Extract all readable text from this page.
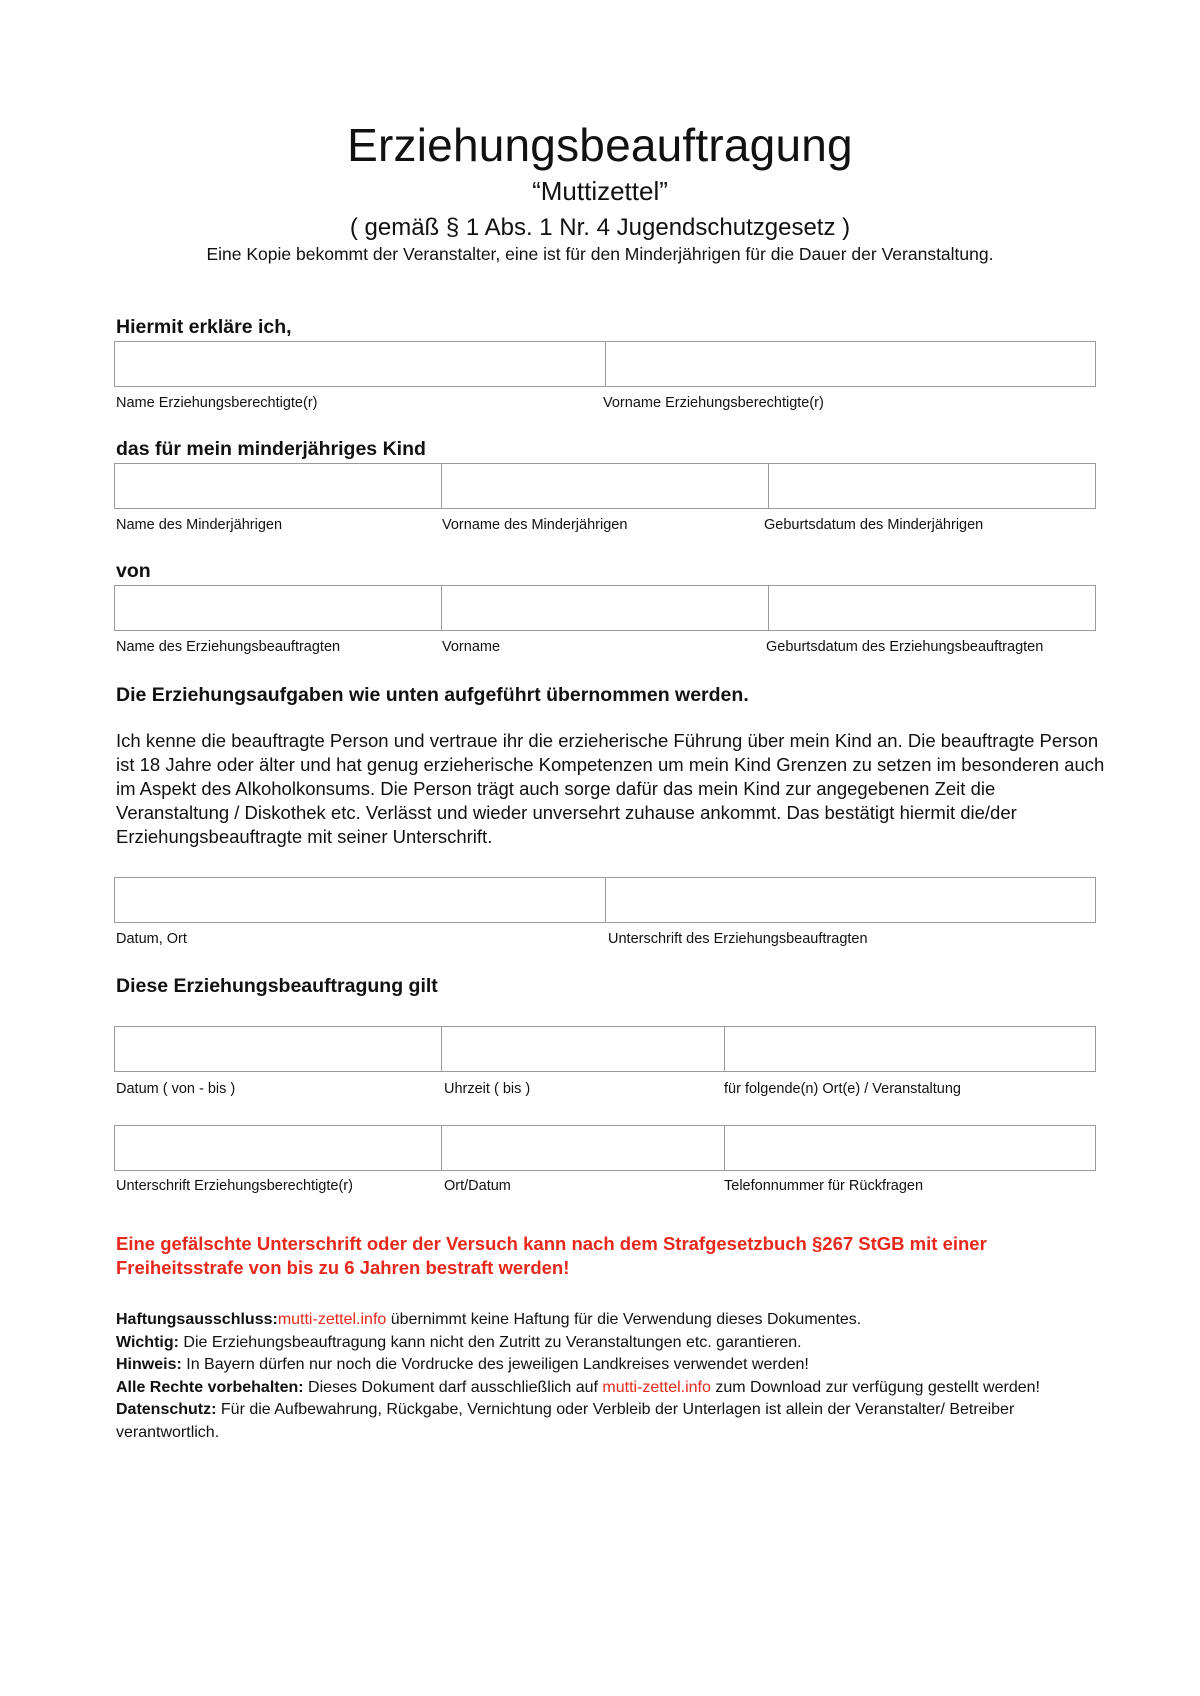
Erziehungsbeauftragung
“Muttizettel”
( gemäß § 1 Abs. 1 Nr. 4 Jugendschutzgesetz )
Eine Kopie bekommt der Veranstalter, eine ist für den Minderjährigen für die Dauer der Veranstaltung.
Hiermit erkläre ich,
Name Erziehungsberechtigte(r)	Vorname Erziehungsberechtigte(r)
das für mein minderjähriges Kind
Name des Minderjährigen	Vorname des Minderjährigen	Geburtsdatum des Minderjährigen
von
Name des Erziehungsbeauftragten	Vorname	Geburtsdatum des Erziehungsbeauftragten
Die Erziehungsaufgaben wie unten aufgeführt übernommen werden.
Ich kenne die beauftragte Person und vertraue ihr die erzieherische Führung über mein Kind an. Die beauftragte Person ist 18 Jahre oder älter und hat genug erzieherische Kompetenzen um mein Kind Grenzen zu setzen im besonderen auch im Aspekt des Alkoholkonsums. Die Person trägt auch sorge dafür das mein Kind zur angegebenen Zeit die Veranstaltung / Diskothek etc. Verlässt und wieder unversehrt zuhause ankommt. Das bestätigt hiermit die/der Erziehungsbeauftragte mit seiner Unterschrift.
Datum, Ort	Unterschrift des Erziehungsbeauftragten
Diese Erziehungsbeauftragung gilt
Datum ( von - bis )	Uhrzeit ( bis )	für folgende(n) Ort(e) / Veranstaltung
Unterschrift Erziehungsberechtigte(r)	Ort/Datum	Telefonnummer für Rückfragen
Eine gefälschte Unterschrift oder der Versuch kann nach dem Strafgesetzbuch §267 StGB mit einer Freiheitsstrafe von bis zu 6 Jahren bestraft werden!
Haftungsausschluss:mutti-zettel.info übernimmt keine Haftung für die Verwendung dieses Dokumentes.
Wichtig: Die Erziehungsbeauftragung kann nicht den Zutritt zu Veranstaltungen etc. garantieren.
Hinweis: In Bayern dürfen nur noch die Vordrucke des jeweiligen Landkreises verwendet werden!
Alle Rechte vorbehalten: Dieses Dokument darf ausschließlich auf mutti-zettel.info zum Download zur verfügung gestellt werden!
Datenschutz: Für die Aufbewahrung, Rückgabe, Vernichtung oder Verbleib der Unterlagen ist allein der Veranstalter/ Betreiber verantwortlich.
